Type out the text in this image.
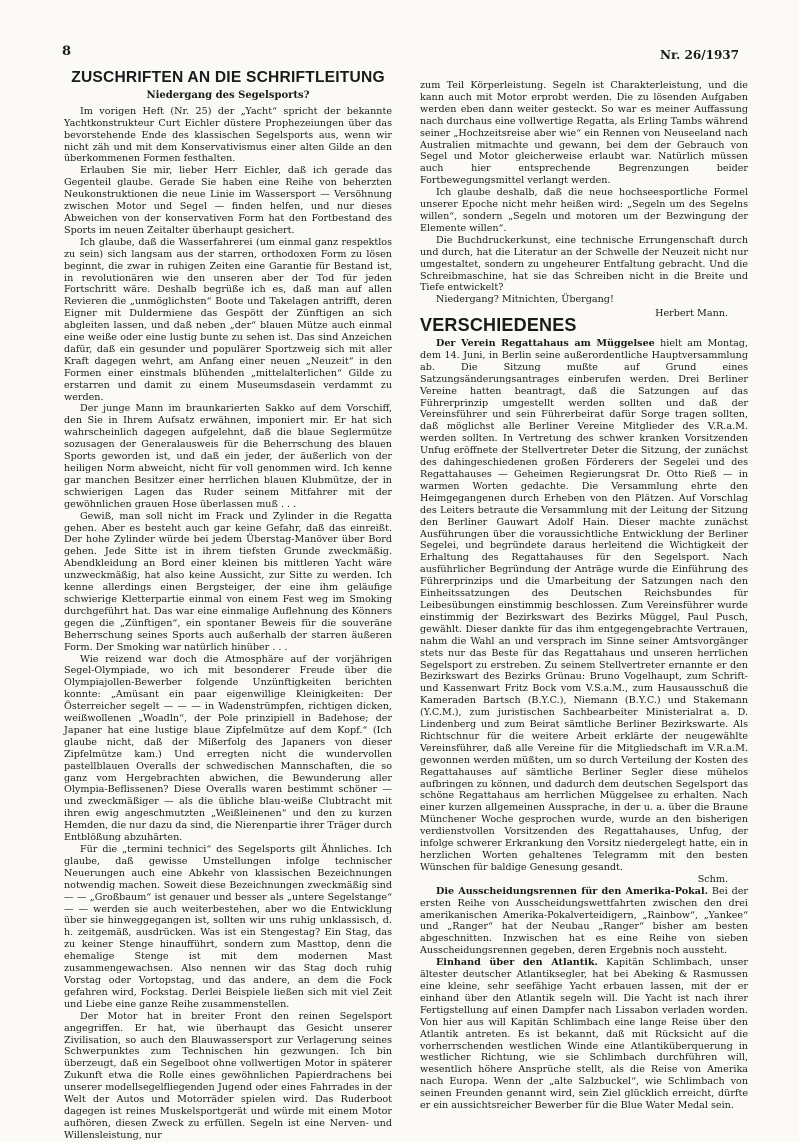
8	Nr. 26/1937
ZUSCHRIFTEN AN DIE SCHRIFTLEITUNG
Niedergang des Segelsports?

Im vorigen Heft (Nr. 25) der „Yacht“ spricht der bekannte Yachtkonstrukteur Curt Eichler düstere Prophezeiungen über das bevorstehende Ende des klassischen Segelsports aus, wenn wir nicht zäh und mit dem Konservativismus einer alten Gilde an den überkommenen Formen festhalten.

Erlauben Sie mir, lieber Herr Eichler, daß ich gerade das Gegenteil glaube. Gerade Sie haben eine Reihe von beherzten Neukonstruktionen die neue Linie im Wassersport — Versöhnung zwischen Motor und Segel — finden helfen, und nur dieses Abweichen von der konservativen Form hat den Fortbestand des Sports im neuen Zeitalter überhaupt gesichert.

Ich glaube, daß die Wasserfahrerei (um einmal ganz respektlos zu sein) sich langsam aus der starren, orthodoxen Form zu lösen beginnt, die zwar in ruhigen Zeiten eine Garantie für Bestand ist, in revolutionären wie den unseren aber der Tod für jeden Fortschritt wäre. Deshalb begrüße ich es, daß man auf allen Revieren die „unmöglichsten“ Boote und Takelagen antrifft, deren Eigner mit Duldermiene das Gespött der Zünftigen an sich abgleiten lassen, und daß neben „der“ blauen Mütze auch einmal eine weiße oder eine lustig bunte zu sehen ist. Das sind Anzeichen dafür, daß ein gesunder und populärer Sportzweig sich mit aller Kraft dagegen wehrt, am Anfang einer neuen „Neuzeit“ in den Formen einer einstmals blühenden „mittelalterlichen“ Gilde zu erstarren und damit zu einem Museumsdasein verdammt zu werden.

Der junge Mann im braunkarierten Sakko auf dem Vorschiff, den Sie in Ihrem Aufsatz erwähnen, imponiert mir. Er hat sich wahrscheinlich dagegen aufgelehnt, daß die blaue Seglermütze sozusagen der Generalausweis für die Beherrschung des blauen Sports geworden ist, und daß ein jeder, der äußerlich von der heiligen Norm abweicht, nicht für voll genommen wird. Ich kenne gar manchen Besitzer einer herrlichen blauen Klubmütze, der in schwierigen Lagen das Ruder seinem Mitfahrer mit der gewöhnlichen grauen Hose überlassen muß . . .

Gewiß, man soll nicht im Frack und Zylinder in die Regatta gehen. Aber es besteht auch gar keine Gefahr, daß das einreißt. Der hohe Zylinder würde bei jedem Überstag-Manöver über Bord gehen. Jede Sitte ist in ihrem tiefsten Grunde zweckmäßig. Abendkleidung an Bord einer kleinen bis mittleren Yacht wäre unzweckmäßig, hat also keine Aussicht, zur Sitte zu werden. Ich kenne allerdings einen Bergsteiger, der eine ihm geläufige schwierige Kletterpartie einmal von einem Fest weg im Smoking durchgeführt hat. Das war eine einmalige Auflehnung des Könners gegen die „Zünftigen“, ein spontaner Beweis für die souveräne Beherrschung seines Sports auch außerhalb der starren äußeren Form. Der Smoking war natürlich hinüber . . .

Wie reizend war doch die Atmosphäre auf der vorjährigen Segel-Olympiade, wo ich mit besonderer Freude über die Olympiajollen-Bewerber folgende Unzünftigkeiten berichten konnte: „Amüsant ein paar eigenwillige Kleinigkeiten: Der Österreicher segelt — — — in Wadenstrümpfen, richtigen dicken, weißwollenen „Woadln“, der Pole prinzipiell in Badehose; der Japaner hat eine lustige blaue Zipfelmütze auf dem Kopf.“ (Ich glaube nicht, daß der Mißerfolg des Japaners von dieser Zipfelmütze kam.) Und erregten nicht die wundervollen pastellblauen Overalls der schwedischen Mannschaften, die so ganz vom Hergebrachten abwichen, die Bewunderung aller Olympia-Beflissenen? Diese Overalls waren bestimmt schöner — und zweckmäßiger — als die übliche blau-weiße Clubtracht mit ihren ewig angeschmutzten „Weißleinenen“ und den zu kurzen Hemden, die nur dazu da sind, die Nierenpartie ihrer Träger durch Entblößung abzuhärten.

Für die „termini technici“ des Segelsports gilt Ähnliches. Ich glaube, daß gewisse Umstellungen infolge technischer Neuerungen auch eine Abkehr von klassischen Bezeichnungen notwendig machen. Soweit diese Bezeichnungen zweckmäßig sind — — „Großbaum“ ist genauer und besser als „untere Segelstange“ — — werden sie auch weiterbestehen, aber wo die Entwicklung über sie hinweggegangen ist, sollten wir uns ruhig unklassisch, d. h. zeitgemäß, ausdrücken. Was ist ein Stengestag? Ein Stag, das zu keiner Stenge hinaufführt, sondern zum Masttop, denn die ehemalige Stenge ist mit dem modernen Mast zusammengewachsen. Also nennen wir das Stag doch ruhig Vorstag oder Vortopstag, und das andere, an dem die Fock gefahren wird, Fockstag. Derlei Beispiele ließen sich mit viel Zeit und Liebe eine ganze Reihe zusammenstellen.

Der Motor hat in breiter Front den reinen Segelsport angegriffen. Er hat, wie überhaupt das Gesicht unserer Zivilisation, so auch den Blauwassersport zur Verlagerung seines Schwerpunktes zum Technischen hin gezwungen. Ich bin überzeugt, daß ein Segelboot ohne vollwertigen Motor in späterer Zukunft etwa die Rolle eines gewöhnlichen Papierdrachens bei unserer modellsegelfliegenden Jugend oder eines Fahrrades in der Welt der Autos und Motorräder spielen wird. Das Ruderboot dagegen ist reines Muskelsportgerät und würde mit einem Motor aufhören, diesen Zweck zu erfüllen. Segeln ist eine Nerven- und Willensleistung, nur

zum Teil Körperleistung. Segeln ist Charakterleistung, und die kann auch mit Motor erprobt werden. Die zu lösenden Aufgaben werden eben dann weiter gesteckt. So war es meiner Auffassung nach durchaus eine vollwertige Regatta, als Erling Tambs während seiner „Hochzeitsreise aber wie“ ein Rennen von Neuseeland nach Australien mitmachte und gewann, bei dem der Gebrauch von Segel und Motor gleicherweise erlaubt war. Natürlich müssen auch hier entsprechende Begrenzungen beider Fortbewegungsmittel verlangt werden.

Ich glaube deshalb, daß die neue hochseesportliche Formel unserer Epoche nicht mehr heißen wird: „Segeln um des Segelns willen“, sondern „Segeln und motoren um der Bezwingung der Elemente willen“.

Die Buchdruckerkunst, eine technische Errungenschaft durch und durch, hat die Literatur an der Schwelle der Neuzeit nicht nur umgestaltet, sondern zu ungeheurer Entfaltung gebracht. Und die Schreibmaschine, hat sie das Schreiben nicht in die Breite und Tiefe entwickelt?

Niedergang? Mitnichten, Übergang!

Herbert Mann.
VERSCHIEDENES

Der Verein Regattahaus am Müggelsee hielt am Montag, dem 14. Juni, in Berlin seine außerordentliche Hauptversammlung ab. Die Sitzung mußte auf Grund eines Satzungsänderungsantrages einberufen werden. Drei Berliner Vereine hatten beantragt, daß die Satzungen auf das Führerprinzip umgestellt werden sollten und daß der Vereinsführer und sein Führerbeirat dafür Sorge tragen sollten, daß möglichst alle Berliner Vereine Mitglieder des V.R.a.M. werden sollten. In Vertretung des schwer kranken Vorsitzenden Unfug eröffnete der Stellvertreter Deter die Sitzung, der zunächst des dahingeschiedenen großen Förderers der Segelei und des Regattahauses — Geheimen Regierungsrat Dr. Otto Rieß — in warmen Worten gedachte. Die Versammlung ehrte den Heimgegangenen durch Erheben von den Plätzen. Auf Vorschlag des Leiters betraute die Versammlung mit der Leitung der Sitzung den Berliner Gauwart Adolf Hain. Dieser machte zunächst Ausführungen über die voraussichtliche Entwicklung der Berliner Segelei, und begründete daraus herleitend die Wichtigkeit der Erhaltung des Regattahauses für den Segelsport. Nach ausführlicher Begründung der Anträge wurde die Einführung des Führerprinzips und die Umarbeitung der Satzungen nach den Einheitssatzungen des Deutschen Reichsbundes für Leibesübungen einstimmig beschlossen. Zum Vereinsführer wurde einstimmig der Bezirkswart des Bezirks Müggel, Paul Pusch, gewählt. Dieser dankte für das ihm entgegengebrachte Vertrauen, nahm die Wahl an und versprach im Sinne seiner Amtsvorgänger stets nur das Beste für das Regattahaus und unseren herrlichen Segelsport zu erstreben. Zu seinem Stellvertreter ernannte er den Bezirkswart des Bezirks Grünau: Bruno Vogelhaupt, zum Schrift- und Kassenwart Fritz Bock vom V.S.a.M., zum Hausausschuß die Kameraden Bartsch (B.Y.C.), Niemann (B.Y.C.) und Stakemann (Y.C.M.), zum juristischen Sachbearbeiter Ministerialrat a. D. Lindenberg und zum Beirat sämtliche Berliner Bezirkswarte. Als Richtschnur für die weitere Arbeit erklärte der neugewählte Vereinsführer, daß alle Vereine für die Mitgliedschaft im V.R.a.M. gewonnen werden müßten, um so durch Verteilung der Kosten des Regattahauses auf sämtliche Berliner Segler diese mühelos aufbringen zu können, und dadurch dem deutschen Segelsport das schöne Regattahaus am herrlichen Müggelsee zu erhalten. Nach einer kurzen allgemeinen Aussprache, in der u. a. über die Braune Münchener Woche gesprochen wurde, wurde an den bisherigen verdienstvollen Vorsitzenden des Regattahauses, Unfug, der infolge schwerer Erkrankung den Vorsitz niedergelegt hatte, ein in herzlichen Worten gehaltenes Telegramm mit den besten Wünschen für baldige Genesung gesandt.

Schm.

Die Ausscheidungsrennen für den Amerika-Pokal. Bei der ersten Reihe von Ausscheidungswettfahrten zwischen den drei amerikanischen Amerika-Pokalverteidigern, „Rainbow“, „Yankee“ und „Ranger“ hat der Neubau „Ranger“ bisher am besten abgeschnitten. Inzwischen hat es eine Reihe von sieben Ausscheidungsrennen gegeben, deren Ergebnis noch aussteht.

Einhand über den Atlantik. Kapitän Schlimbach, unser ältester deutscher Atlantiksegler, hat bei Abeking & Rasmussen eine kleine, sehr seefähige Yacht erbauen lassen, mit der er einhand über den Atlantik segeln will. Die Yacht ist nach ihrer Fertigstellung auf einen Dampfer nach Lissabon verladen worden. Von hier aus will Kapitän Schlimbach eine lange Reise über den Atlantik antreten. Es ist bekannt, daß mit Rücksicht auf die vorherrschenden westlichen Winde eine Atlantiküberquerung in westlicher Richtung, wie sie Schlimbach durchführen will, wesentlich höhere Ansprüche stellt, als die Reise von Amerika nach Europa. Wenn der „alte Salzbuckel“, wie Schlimbach von seinen Freunden genannt wird, sein Ziel glücklich erreicht, dürfte er ein aussichtsreicher Bewerber für die Blue Water Medal sein.
